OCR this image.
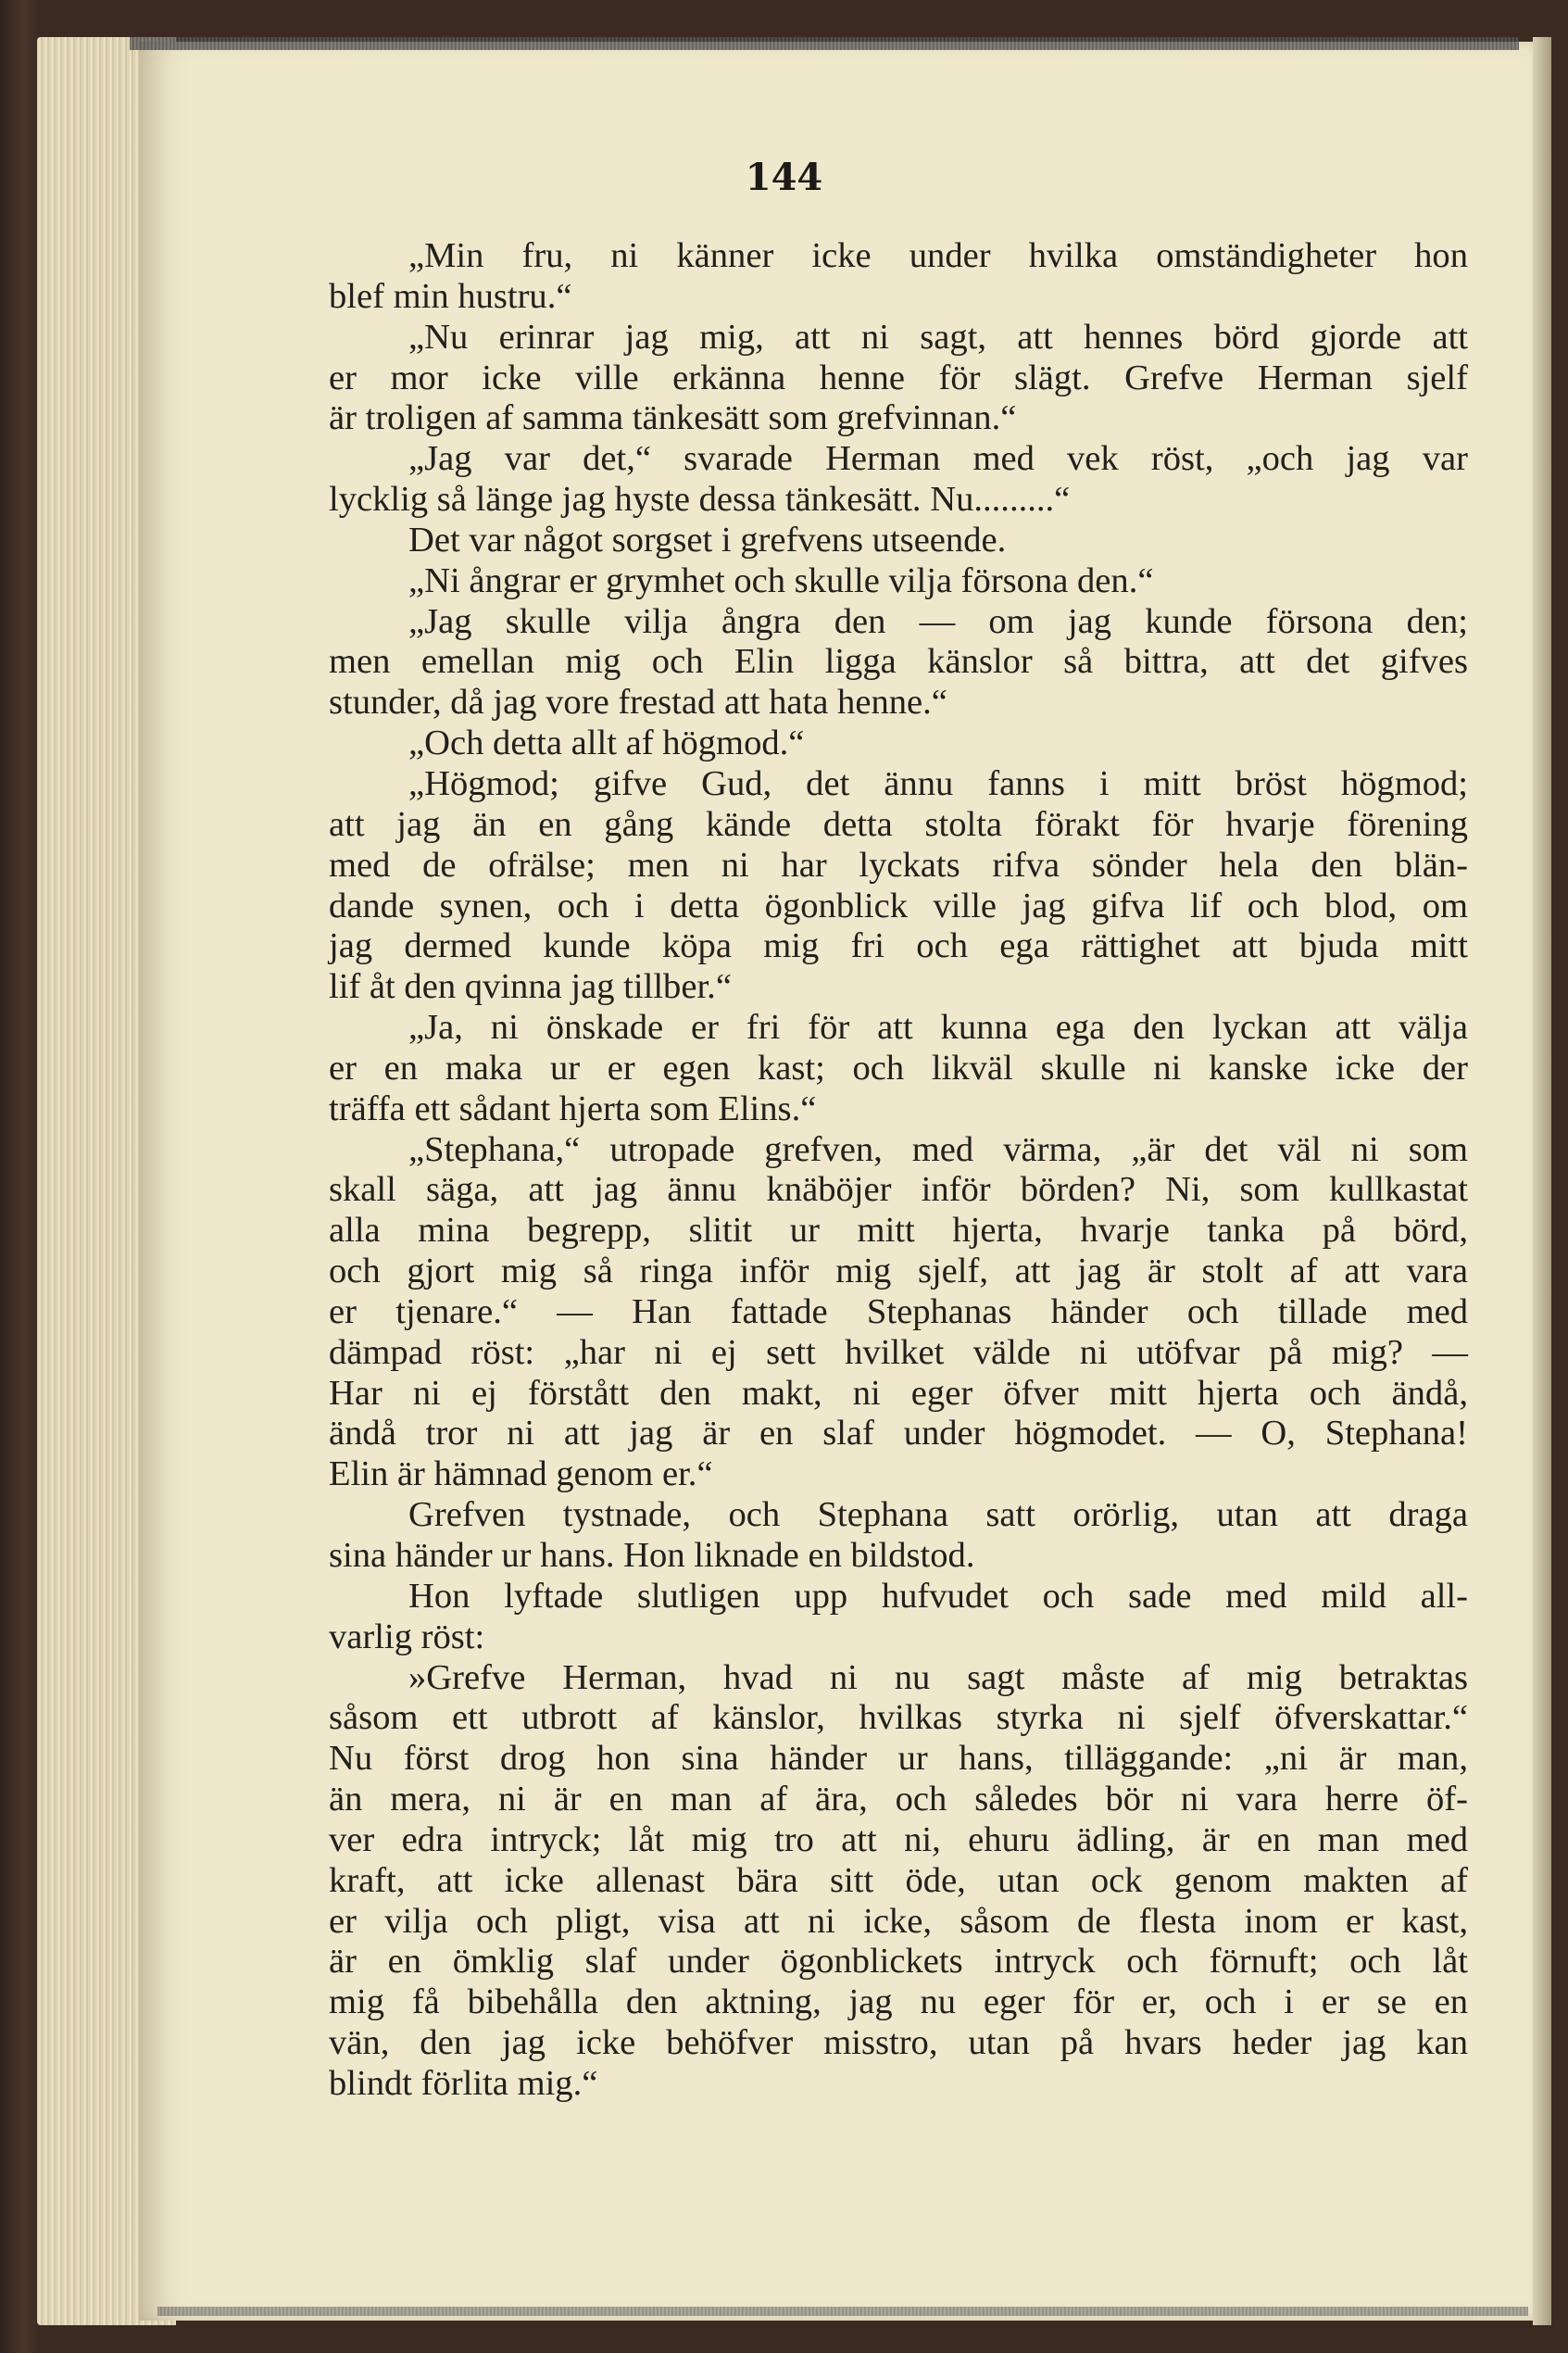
144
„Min fru, ni känner icke under hvilka omständigheter hon
blef min hustru.“
„Nu erinrar jag mig, att ni sagt, att hennes börd gjorde att
er mor icke ville erkänna henne för slägt. Grefve Herman sjelf
är troligen af samma tänkesätt som grefvinnan.“
„Jag var det,“ svarade Herman med vek röst, „och jag var
lycklig så länge jag hyste dessa tänkesätt. Nu.........“
Det var något sorgset i grefvens utseende.
„Ni ångrar er grymhet och skulle vilja försona den.“
„Jag skulle vilja ångra den — om jag kunde försona den;
men emellan mig och Elin ligga känslor så bittra, att det gifves
stunder, då jag vore frestad att hata henne.“
„Och detta allt af högmod.“
„Högmod; gifve Gud, det ännu fanns i mitt bröst högmod;
att jag än en gång kände detta stolta förakt för hvarje förening
med de ofrälse; men ni har lyckats rifva sönder hela den blän-
dande synen, och i detta ögonblick ville jag gifva lif och blod, om
jag dermed kunde köpa mig fri och ega rättighet att bjuda mitt
lif åt den qvinna jag tillber.“
„Ja, ni önskade er fri för att kunna ega den lyckan att välja
er en maka ur er egen kast; och likväl skulle ni kanske icke der
träffa ett sådant hjerta som Elins.“
„Stephana,“ utropade grefven, med värma, „är det väl ni som
skall säga, att jag ännu knäböjer inför börden? Ni, som kullkastat
alla mina begrepp, slitit ur mitt hjerta, hvarje tanka på börd,
och gjort mig så ringa inför mig sjelf, att jag är stolt af att vara
er tjenare.“ — Han fattade Stephanas händer och tillade med
dämpad röst: „har ni ej sett hvilket välde ni utöfvar på mig? —
Har ni ej förstått den makt, ni eger öfver mitt hjerta och ändå,
ändå tror ni att jag är en slaf under högmodet. — O, Stephana!
Elin är hämnad genom er.“
Grefven tystnade, och Stephana satt orörlig, utan att draga
sina händer ur hans. Hon liknade en bildstod.
Hon lyftade slutligen upp hufvudet och sade med mild all-
varlig röst:
»Grefve Herman, hvad ni nu sagt måste af mig betraktas
såsom ett utbrott af känslor, hvilkas styrka ni sjelf öfverskattar.“
Nu först drog hon sina händer ur hans, tilläggande: „ni är man,
än mera, ni är en man af ära, och således bör ni vara herre öf-
ver edra intryck; låt mig tro att ni, ehuru ädling, är en man med
kraft, att icke allenast bära sitt öde, utan ock genom makten af
er vilja och pligt, visa att ni icke, såsom de flesta inom er kast,
är en ömklig slaf under ögonblickets intryck och förnuft; och låt
mig få bibehålla den aktning, jag nu eger för er, och i er se en
vän, den jag icke behöfver misstro, utan på hvars heder jag kan
blindt förlita mig.“
